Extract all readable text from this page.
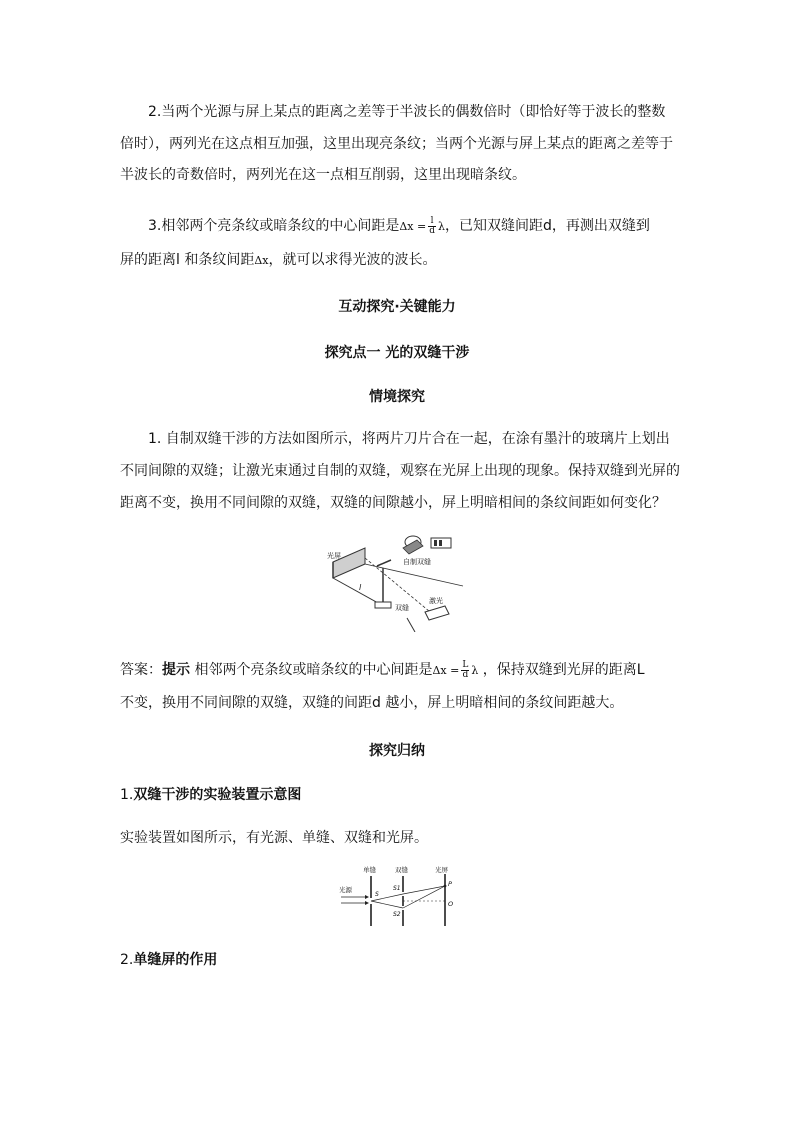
2.当两个光源与屏上某点的距离之差等于半波长的偶数倍时（即恰好等于波长的整数
倍时），两列光在这点相互加强，这里出现亮条纹；当两个光源与屏上某点的距离之差等于
半波长的奇数倍时，两列光在这一点相互削弱，这里出现暗条纹。
3.相邻两个亮条纹或暗条纹的中心间距是$\Delta x = \frac{l}{d}$ λ，已知双缝间距d，再测出双缝到
屏的距离l 和条纹间距Δx，就可以求得光波的波长。
互动探究·关键能力
探究点一 光的双缝干涉
情境探究
1. 自制双缝干涉的方法如图所示，将两片刀片合在一起，在涂有墨汁的玻璃片上划出
不同间隙的双缝；让激光束通过自制的双缝，观察在光屏上出现的现象。保持双缝到光屏的
距离不变，换用不同间隙的双缝，双缝的间隙越小，屏上明暗相间的条纹间距如何变化？
光屏
自制双缝
双缝
激光
l
答案：提示 相邻两个亮条纹或暗条纹的中心间距是$\Delta x = \frac{L}{d}$ λ ，保持双缝到光屏的距离L
不变，换用不同间隙的双缝，双缝的间距d 越小，屏上明暗相间的条纹间距越大。
探究归纳
1.双缝干涉的实验装置示意图
实验装置如图所示，有光源、单缝、双缝和光屏。
单缝	双缝	光屏
光源
S
S1
S2
P
O
2.单缝屏的作用
